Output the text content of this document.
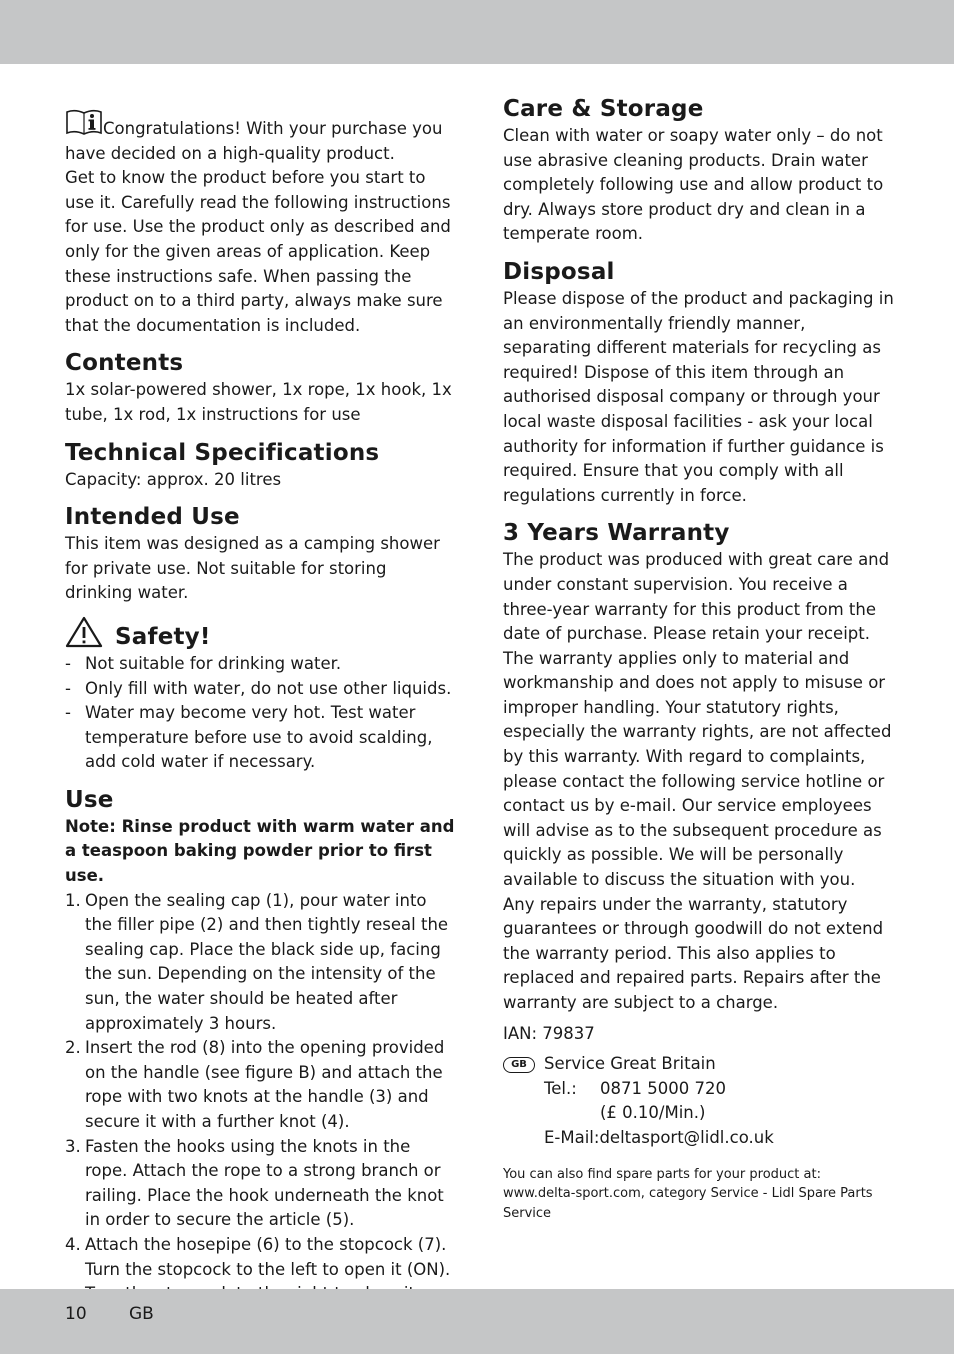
Congratulations! With your purchase you have decided on a high-quality product.

Get to know the product before you start to use it. Carefully read the following instructions for use. Use the product only as described and only for the given areas of application. Keep these instructions safe. When passing the product on to a third party, always make sure that the documentation is included.

Contents

1x solar-powered shower, 1x rope, 1x hook, 1x tube, 1x rod, 1x instructions for use

Technical Specifications

Capacity: approx. 20 litres

Intended Use

This item was designed as a camping shower for private use. Not suitable for storing drinking water.

Safety!
- Not suitable for drinking water.
- Only fill with water, do not use other liquids.
- Water may become very hot. Test water temperature before use to avoid scalding, add cold water if necessary.
Use

Note: Rinse product with warm water and a teaspoon baking powder prior to first use.

1. Open the sealing cap (1), pour water into the filler pipe (2) and then tightly reseal the sealing cap. Place the black side up, facing the sun. Depending on the intensity of the sun, the water should be heated after approximately 3 hours.
2. Insert the rod (8) into the opening provided on the handle (see figure B) and attach the rope with two knots at the handle (3) and secure it with a further knot (4).
3. Fasten the hooks using the knots in the rope. Attach the rope to a strong branch or railing. Place the hook underneath the knot in order to secure the article (5).
4. Attach the hosepipe (6) to the stopcock (7). Turn the stopcock to the left to open it (ON).
Care & Storage

Clean with water or soapy water only – do not use abrasive cleaning products. Drain water completely following use and allow product to dry. Always store product dry and clean in a temperate room.

Disposal

Please dispose of the product and packaging in an environmentally friendly manner, separating different materials for recycling as required! Dispose of this item through an authorised disposal company or through your local waste disposal facilities - ask your local authority for information if further guidance is required. Ensure that you comply with all regulations currently in force.

3 Years Warranty

The product was produced with great care and under constant supervision. You receive a three-year warranty for this product from the date of purchase. Please retain your receipt.

The warranty applies only to material and workmanship and does not apply to misuse or improper handling. Your statutory rights, especially the warranty rights, are not affected by this warranty. With regard to complaints, please contact the following service hotline or contact us by e-mail. Our service employees will advise as to the subsequent procedure as quickly as possible. We will be personally available to discuss the situation with you.

Any repairs under the warranty, statutory guarantees or through goodwill do not extend the warranty period. This also applies to replaced and repaired parts. Repairs after the warranty are subject to a charge.

IAN: 79837

GB	Service Great Britain
Tel.: 0871 5000 720
(£ 0.10/Min.)
E-Mail:deltasport@lidl.co.uk

You can also find spare parts for your product at: www.delta-sport.com, category Service - Lidl Spare Parts Service

10 GB
